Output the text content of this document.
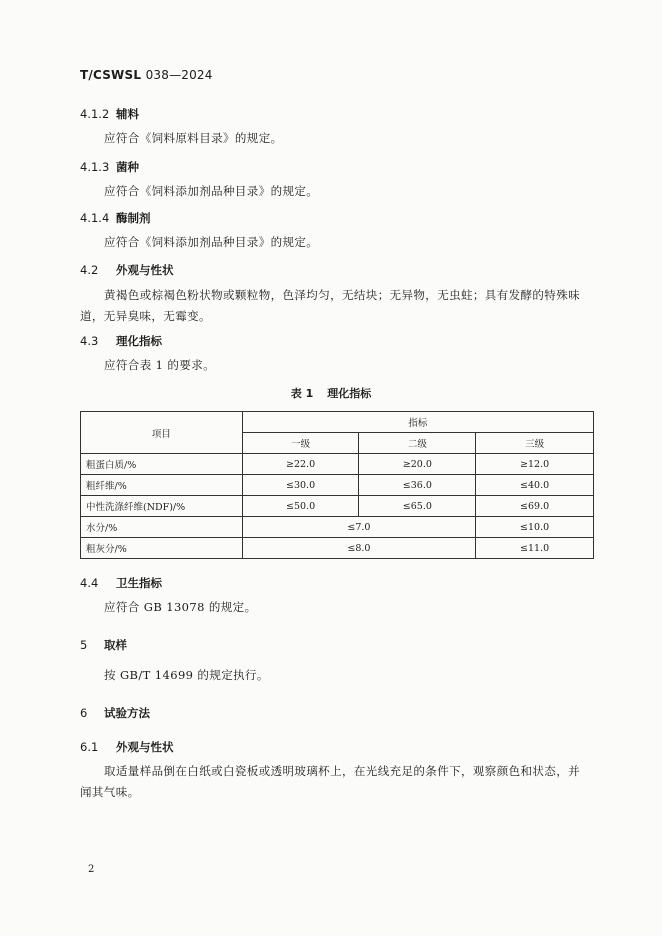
T/CSWSL 038—2024
4.1.2 辅料
应符合《饲料原料目录》的规定。
4.1.3 菌种
应符合《饲料添加剂品种目录》的规定。
4.1.4 酶制剂
应符合《饲料添加剂品种目录》的规定。
4.2 外观与性状
黄褐色或棕褐色粉状物或颗粒物，色泽均匀，无结块；无异物，无虫蛀；具有发酵的特殊味道，无异臭味，无霉变。
4.3 理化指标
应符合表 1 的要求。
表 1 理化指标
项目	指标		
	一级	二级	三级
粗蛋白质/%	≥22.0	≥20.0	≥12.0
粗纤维/%	≤30.0	≤36.0	≤40.0
中性洗涤纤维(NDF)/%	≤50.0	≤65.0	≤69.0
水分/%	≤7.0		≤10.0
粗灰分/%	≤8.0		≤11.0
4.4 卫生指标
应符合 GB 13078 的规定。
5 取样
按 GB/T 14699 的规定执行。
6 试验方法
6.1 外观与性状
取适量样品倒在白纸或白瓷板或透明玻璃杯上，在光线充足的条件下，观察颜色和状态，并闻其气味。
2
